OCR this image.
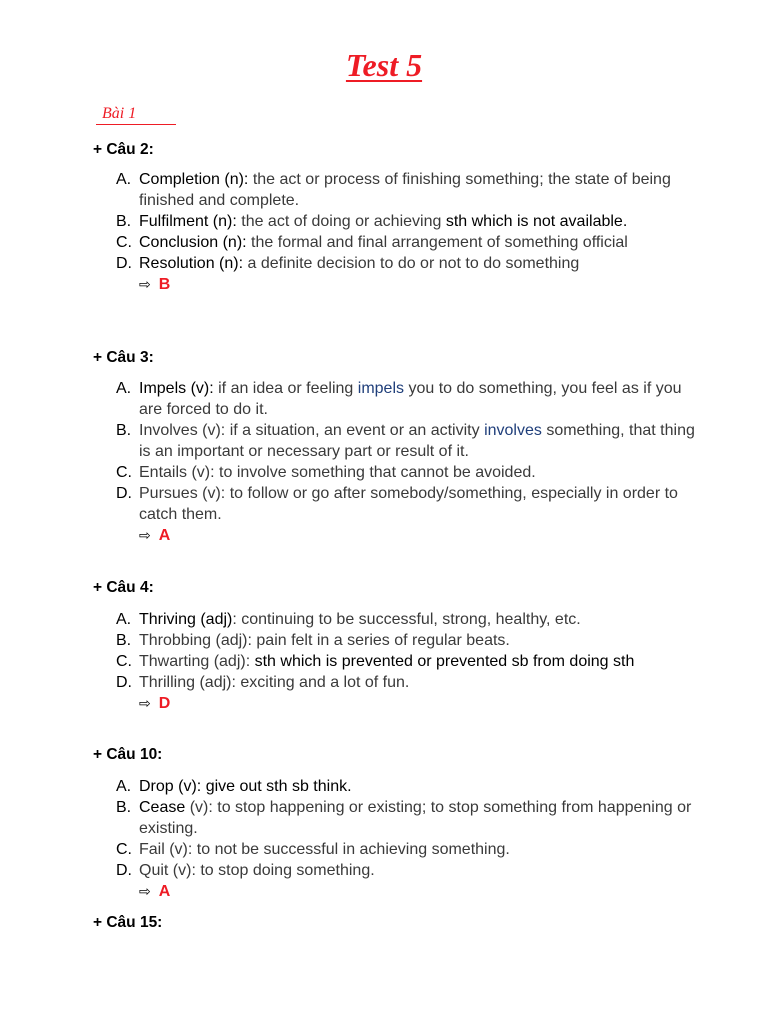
Test 5
Bài 1
+ Câu 2:
A. Completion (n): the act or process of finishing something; the state of being finished and complete.
B. Fulfilment (n): the act of doing or achieving sth which is not available.
C. Conclusion (n): the formal and final arrangement of something official
D. Resolution (n): a definite decision to do or not to do something
⇨ B
+ Câu 3:
A. Impels (v): if an idea or feeling impels you to do something, you feel as if you are forced to do it.
B. Involves (v): if a situation, an event or an activity involves something, that thing is an important or necessary part or result of it.
C. Entails (v): to involve something that cannot be avoided.
D. Pursues (v): to follow or go after somebody/something, especially in order to catch them.
⇨ A
+ Câu 4:
A. Thriving (adj): continuing to be successful, strong, healthy, etc.
B. Throbbing (adj): pain felt in a series of regular beats.
C. Thwarting (adj): sth which is prevented or prevented sb from doing sth
D. Thrilling (adj): exciting and a lot of fun.
⇨ D
+ Câu 10:
A. Drop (v): give out sth sb think.
B. Cease (v): to stop happening or existing; to stop something from happening or existing.
C. Fail (v): to not be successful in achieving something.
D. Quit (v): to stop doing something.
⇨ A
+ Câu 15:
